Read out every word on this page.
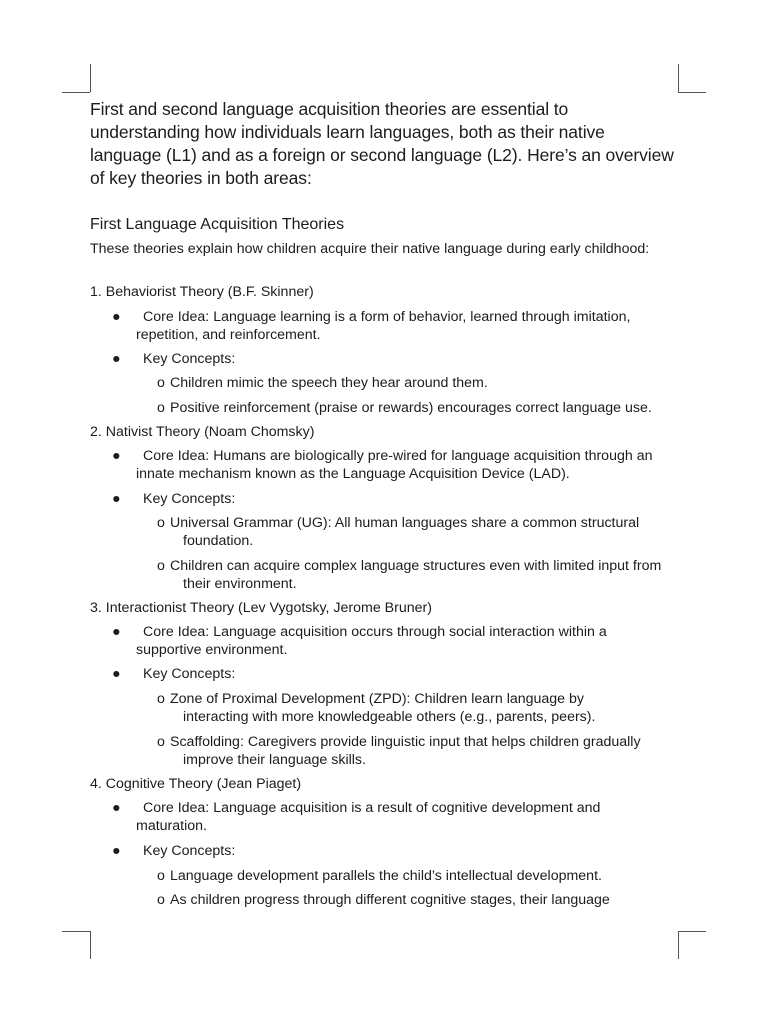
First and second language acquisition theories are essential to understanding how individuals learn languages, both as their native language (L1) and as a foreign or second language (L2). Here’s an overview of key theories in both areas:

First Language Acquisition Theories

These theories explain how children acquire their native language during early childhood:

1. Behaviorist Theory (B.F. Skinner)
●	Core Idea: Language learning is a form of behavior, learned through imitation, repetition, and reinforcement.
● Key Concepts:
o Children mimic the speech they hear around them.
o Positive reinforcement (praise or rewards) encourages correct language use.
2. Nativist Theory (Noam Chomsky)
●	Core Idea: Humans are biologically pre-wired for language acquisition through an innate mechanism known as the Language Acquisition Device (LAD).
● Key Concepts:
o Universal Grammar (UG): All human languages share a common structural foundation.
o Children can acquire complex language structures even with limited input from their environment.
3. Interactionist Theory (Lev Vygotsky, Jerome Bruner)
●	Core Idea: Language acquisition occurs through social interaction within a supportive environment.
● Key Concepts:
o Zone of Proximal Development (ZPD): Children learn language by interacting with more knowledgeable others (e.g., parents, peers).
o Scaffolding: Caregivers provide linguistic input that helps children gradually improve their language skills.
4. Cognitive Theory (Jean Piaget)
●	Core Idea: Language acquisition is a result of cognitive development and maturation.
● Key Concepts:
o Language development parallels the child’s intellectual development.
o As children progress through different cognitive stages, their language
